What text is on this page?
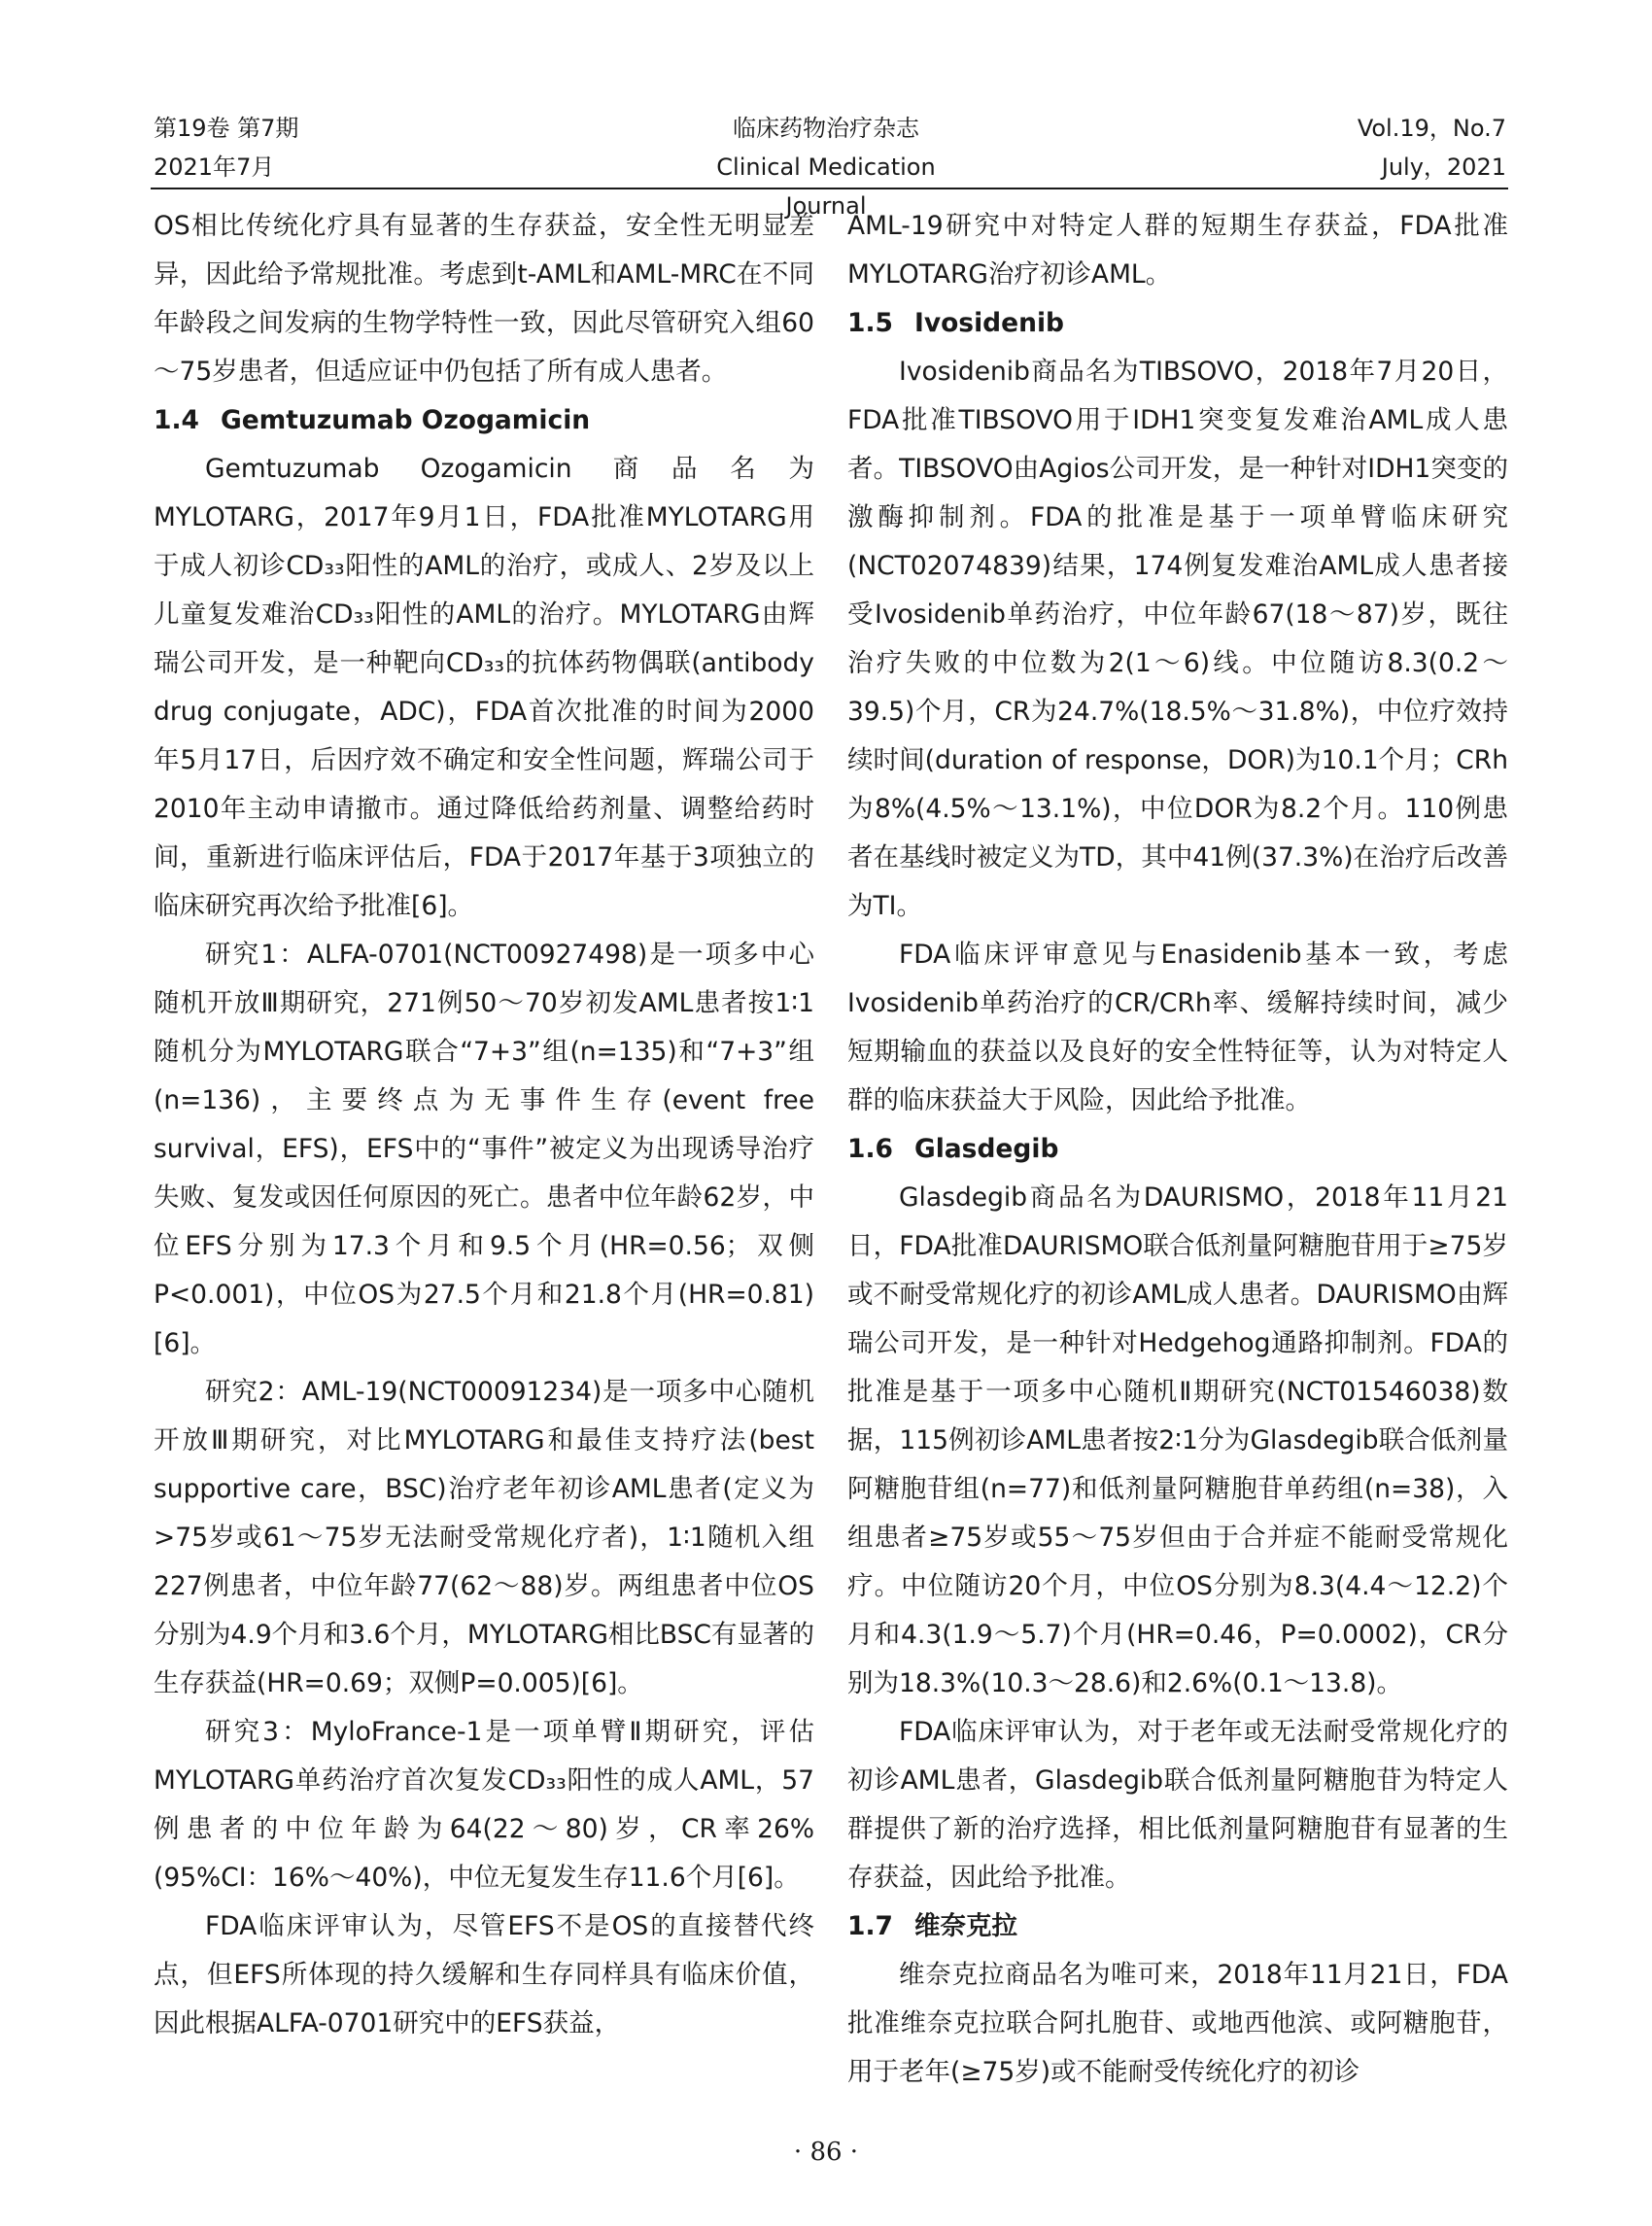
第19卷 第7期
2021年7月
临床药物治疗杂志
Clinical Medication Journal
Vol.19，No.7
July，2021

OS相比传统化疗具有显著的生存获益，安全性无明显差异，因此给予常规批准。考虑到t-AML和AML-MRC在不同年龄段之间发病的生物学特性一致，因此尽管研究入组60～75岁患者，但适应证中仍包括了所有成人患者。

1.4 Gemtuzumab Ozogamicin

Gemtuzumab Ozogamicin 商品名为 MYLOTARG，2017年9月1日，FDA批准MYLOTARG用于成人初诊CD₃₃阳性的AML的治疗，或成人、2岁及以上儿童复发难治CD₃₃阳性的AML的治疗。MYLOTARG由辉瑞公司开发，是一种靶向CD₃₃的抗体药物偶联(antibody drug conjugate，ADC)，FDA首次批准的时间为2000年5月17日，后因疗效不确定和安全性问题，辉瑞公司于2010年主动申请撤市。通过降低给药剂量、调整给药时间，重新进行临床评估后，FDA于2017年基于3项独立的临床研究再次给予批准[6]。

研究1：ALFA-0701(NCT00927498)是一项多中心随机开放Ⅲ期研究，271例50～70岁初发AML患者按1∶1随机分为MYLOTARG联合“7+3”组(n=135)和“7+3”组(n=136)，主要终点为无事件生存(event free survival，EFS)，EFS中的“事件”被定义为出现诱导治疗失败、复发或因任何原因的死亡。患者中位年龄62岁，中位EFS分别为17.3个月和9.5个月(HR=0.56；双侧P<0.001)，中位OS为27.5个月和21.8个月(HR=0.81)[6]。

研究2：AML-19(NCT00091234)是一项多中心随机开放Ⅲ期研究，对比MYLOTARG和最佳支持疗法(best supportive care，BSC)治疗老年初诊AML患者(定义为>75岁或61～75岁无法耐受常规化疗者)，1∶1随机入组227例患者，中位年龄77(62～88)岁。两组患者中位OS分别为4.9个月和3.6个月，MYLOTARG相比BSC有显著的生存获益(HR=0.69；双侧P=0.005)[6]。

研究3：MyloFrance-1是一项单臂Ⅱ期研究，评估MYLOTARG单药治疗首次复发CD₃₃阳性的成人AML，57例患者的中位年龄为64(22～80)岁，CR率26%(95%CI：16%～40%)，中位无复发生存11.6个月[6]。

FDA临床评审认为，尽管EFS不是OS的直接替代终点，但EFS所体现的持久缓解和生存同样具有临床价值，因此根据ALFA-0701研究中的EFS获益，

AML-19研究中对特定人群的短期生存获益，FDA批准MYLOTARG治疗初诊AML。

1.5 Ivosidenib

Ivosidenib商品名为TIBSOVO，2018年7月20日，FDA批准TIBSOVO用于IDH1突变复发难治AML成人患者。TIBSOVO由Agios公司开发，是一种针对IDH1突变的激酶抑制剂。FDA的批准是基于一项单臂临床研究(NCT02074839)结果，174例复发难治AML成人患者接受Ivosidenib单药治疗，中位年龄67(18～87)岁，既往治疗失败的中位数为2(1～6)线。中位随访8.3(0.2～39.5)个月，CR为24.7%(18.5%～31.8%)，中位疗效持续时间(duration of response，DOR)为10.1个月；CRh为8%(4.5%～13.1%)，中位DOR为8.2个月。110例患者在基线时被定义为TD，其中41例(37.3%)在治疗后改善为TI。

FDA临床评审意见与Enasidenib基本一致，考虑Ivosidenib单药治疗的CR/CRh率、缓解持续时间，减少短期输血的获益以及良好的安全性特征等，认为对特定人群的临床获益大于风险，因此给予批准。

1.6 Glasdegib

Glasdegib商品名为DAURISMO，2018年11月21日，FDA批准DAURISMO联合低剂量阿糖胞苷用于≥75岁或不耐受常规化疗的初诊AML成人患者。DAURISMO由辉瑞公司开发，是一种针对Hedgehog通路抑制剂。FDA的批准是基于一项多中心随机Ⅱ期研究(NCT01546038)数据，115例初诊AML患者按2∶1分为Glasdegib联合低剂量阿糖胞苷组(n=77)和低剂量阿糖胞苷单药组(n=38)，入组患者≥75岁或55～75岁但由于合并症不能耐受常规化疗。中位随访20个月，中位OS分别为8.3(4.4～12.2)个月和4.3(1.9～5.7)个月(HR=0.46，P=0.0002)，CR分别为18.3%(10.3～28.6)和2.6%(0.1～13.8)。

FDA临床评审认为，对于老年或无法耐受常规化疗的初诊AML患者，Glasdegib联合低剂量阿糖胞苷为特定人群提供了新的治疗选择，相比低剂量阿糖胞苷有显著的生存获益，因此给予批准。

1.7 维奈克拉

维奈克拉商品名为唯可来，2018年11月21日，FDA批准维奈克拉联合阿扎胞苷、或地西他滨、或阿糖胞苷，用于老年(≥75岁)或不能耐受传统化疗的初诊

· 86 ·
